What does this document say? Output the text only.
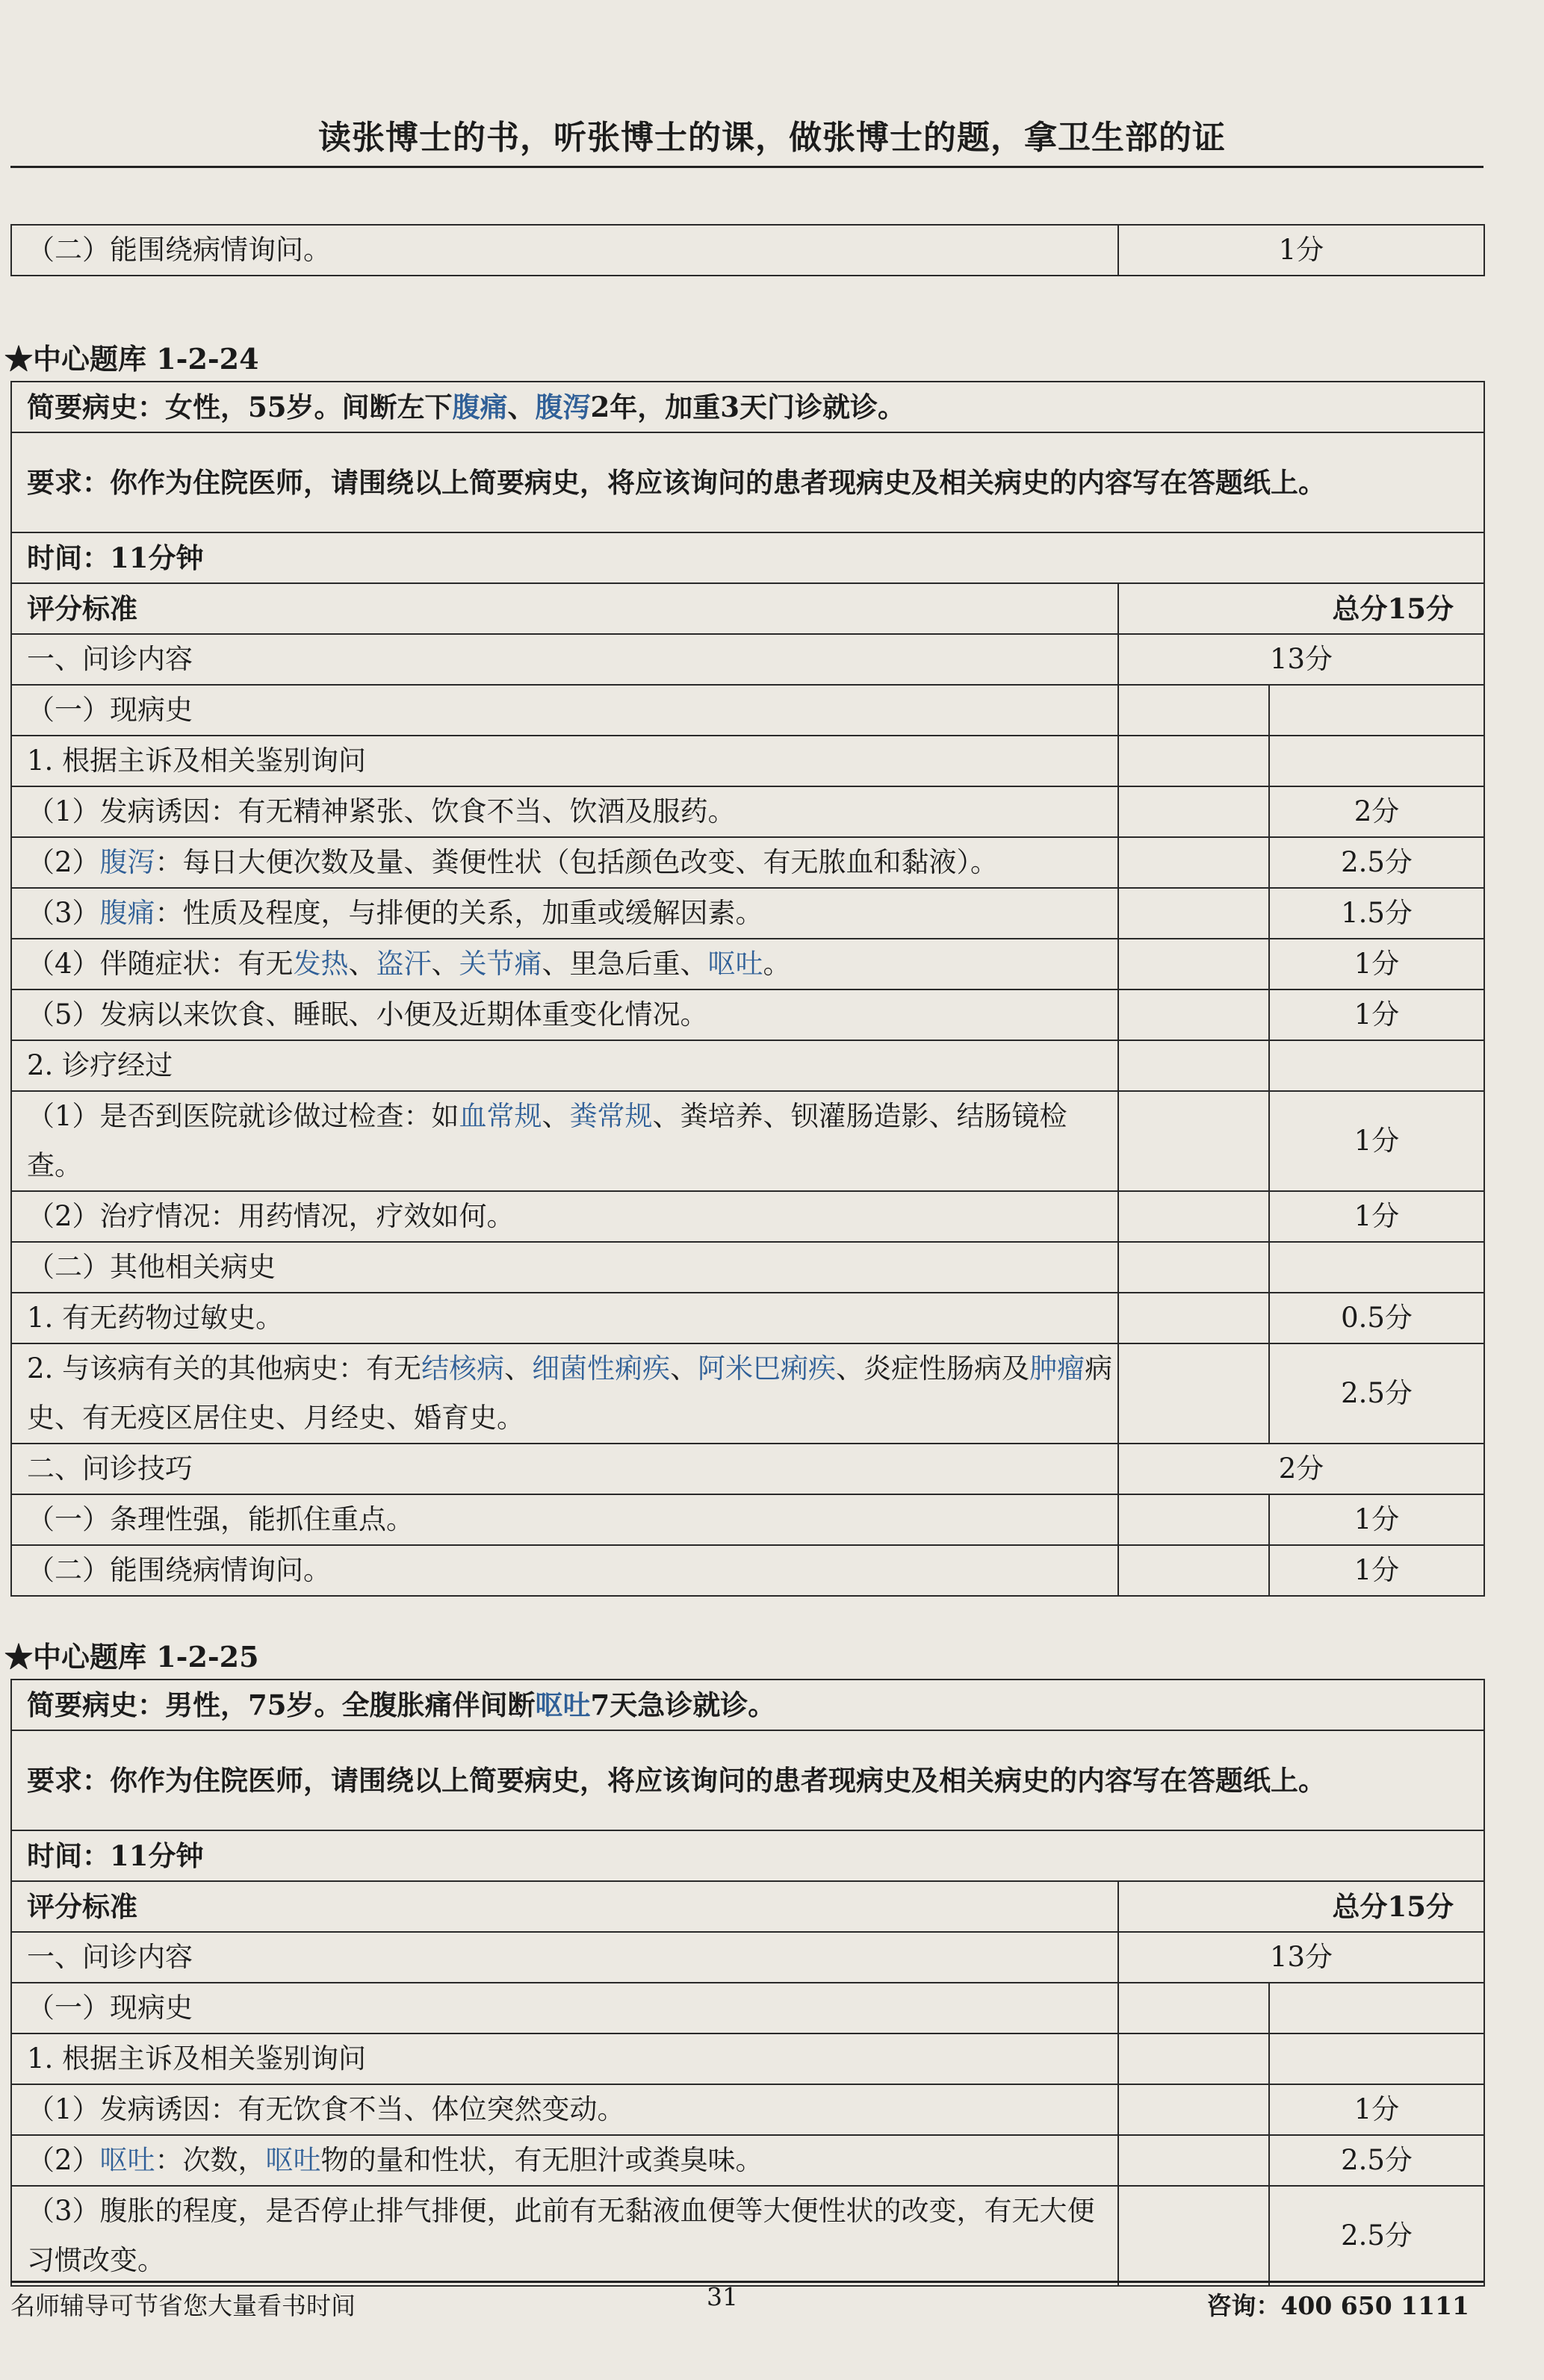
读张博士的书，听张博士的课，做张博士的题，拿卫生部的证
（二）能围绕病情询问。	1分
★中心题库 1-2-24
简要病史：女性，55岁。间断左下腹痛、腹泻2年，加重3天门诊就诊。		
要求：你作为住院医师，请围绕以上简要病史，将应该询问的患者现病史及相关病史的内容写在答题纸上。		
时间：11分钟		
评分标准	总分15分	
一、问诊内容	13分	
（一）现病史		
1. 根据主诉及相关鉴别询问		
（1）发病诱因：有无精神紧张、饮食不当、饮酒及服药。		2分
（2）腹泻：每日大便次数及量、粪便性状（包括颜色改变、有无脓血和黏液）。		2.5分
（3）腹痛：性质及程度，与排便的关系，加重或缓解因素。		1.5分
（4）伴随症状：有无发热、盗汗、关节痛、里急后重、呕吐。		1分
（5）发病以来饮食、睡眠、小便及近期体重变化情况。		1分
2. 诊疗经过		
（1）是否到医院就诊做过检查：如血常规、粪常规、粪培养、钡灌肠造影、结肠镜检查。		1分
（2）治疗情况：用药情况，疗效如何。		1分
（二）其他相关病史		
1. 有无药物过敏史。		0.5分
2. 与该病有关的其他病史：有无结核病、细菌性痢疾、阿米巴痢疾、炎症性肠病及肿瘤病史、有无疫区居住史、月经史、婚育史。		2.5分
二、问诊技巧	2分	
（一）条理性强，能抓住重点。		1分
（二）能围绕病情询问。		1分
★中心题库 1-2-25
简要病史：男性，75岁。全腹胀痛伴间断呕吐7天急诊就诊。		
要求：你作为住院医师，请围绕以上简要病史，将应该询问的患者现病史及相关病史的内容写在答题纸上。		
时间：11分钟		
评分标准	总分15分	
一、问诊内容	13分	
（一）现病史		
1. 根据主诉及相关鉴别询问		
（1）发病诱因：有无饮食不当、体位突然变动。		1分
（2）呕吐：次数，呕吐物的量和性状，有无胆汁或粪臭味。		2.5分
（3）腹胀的程度，是否停止排气排便，此前有无黏液血便等大便性状的改变，有无大便习惯改变。		2.5分
名师辅导可节省您大量看书时间	31	咨询：400 650 1111
